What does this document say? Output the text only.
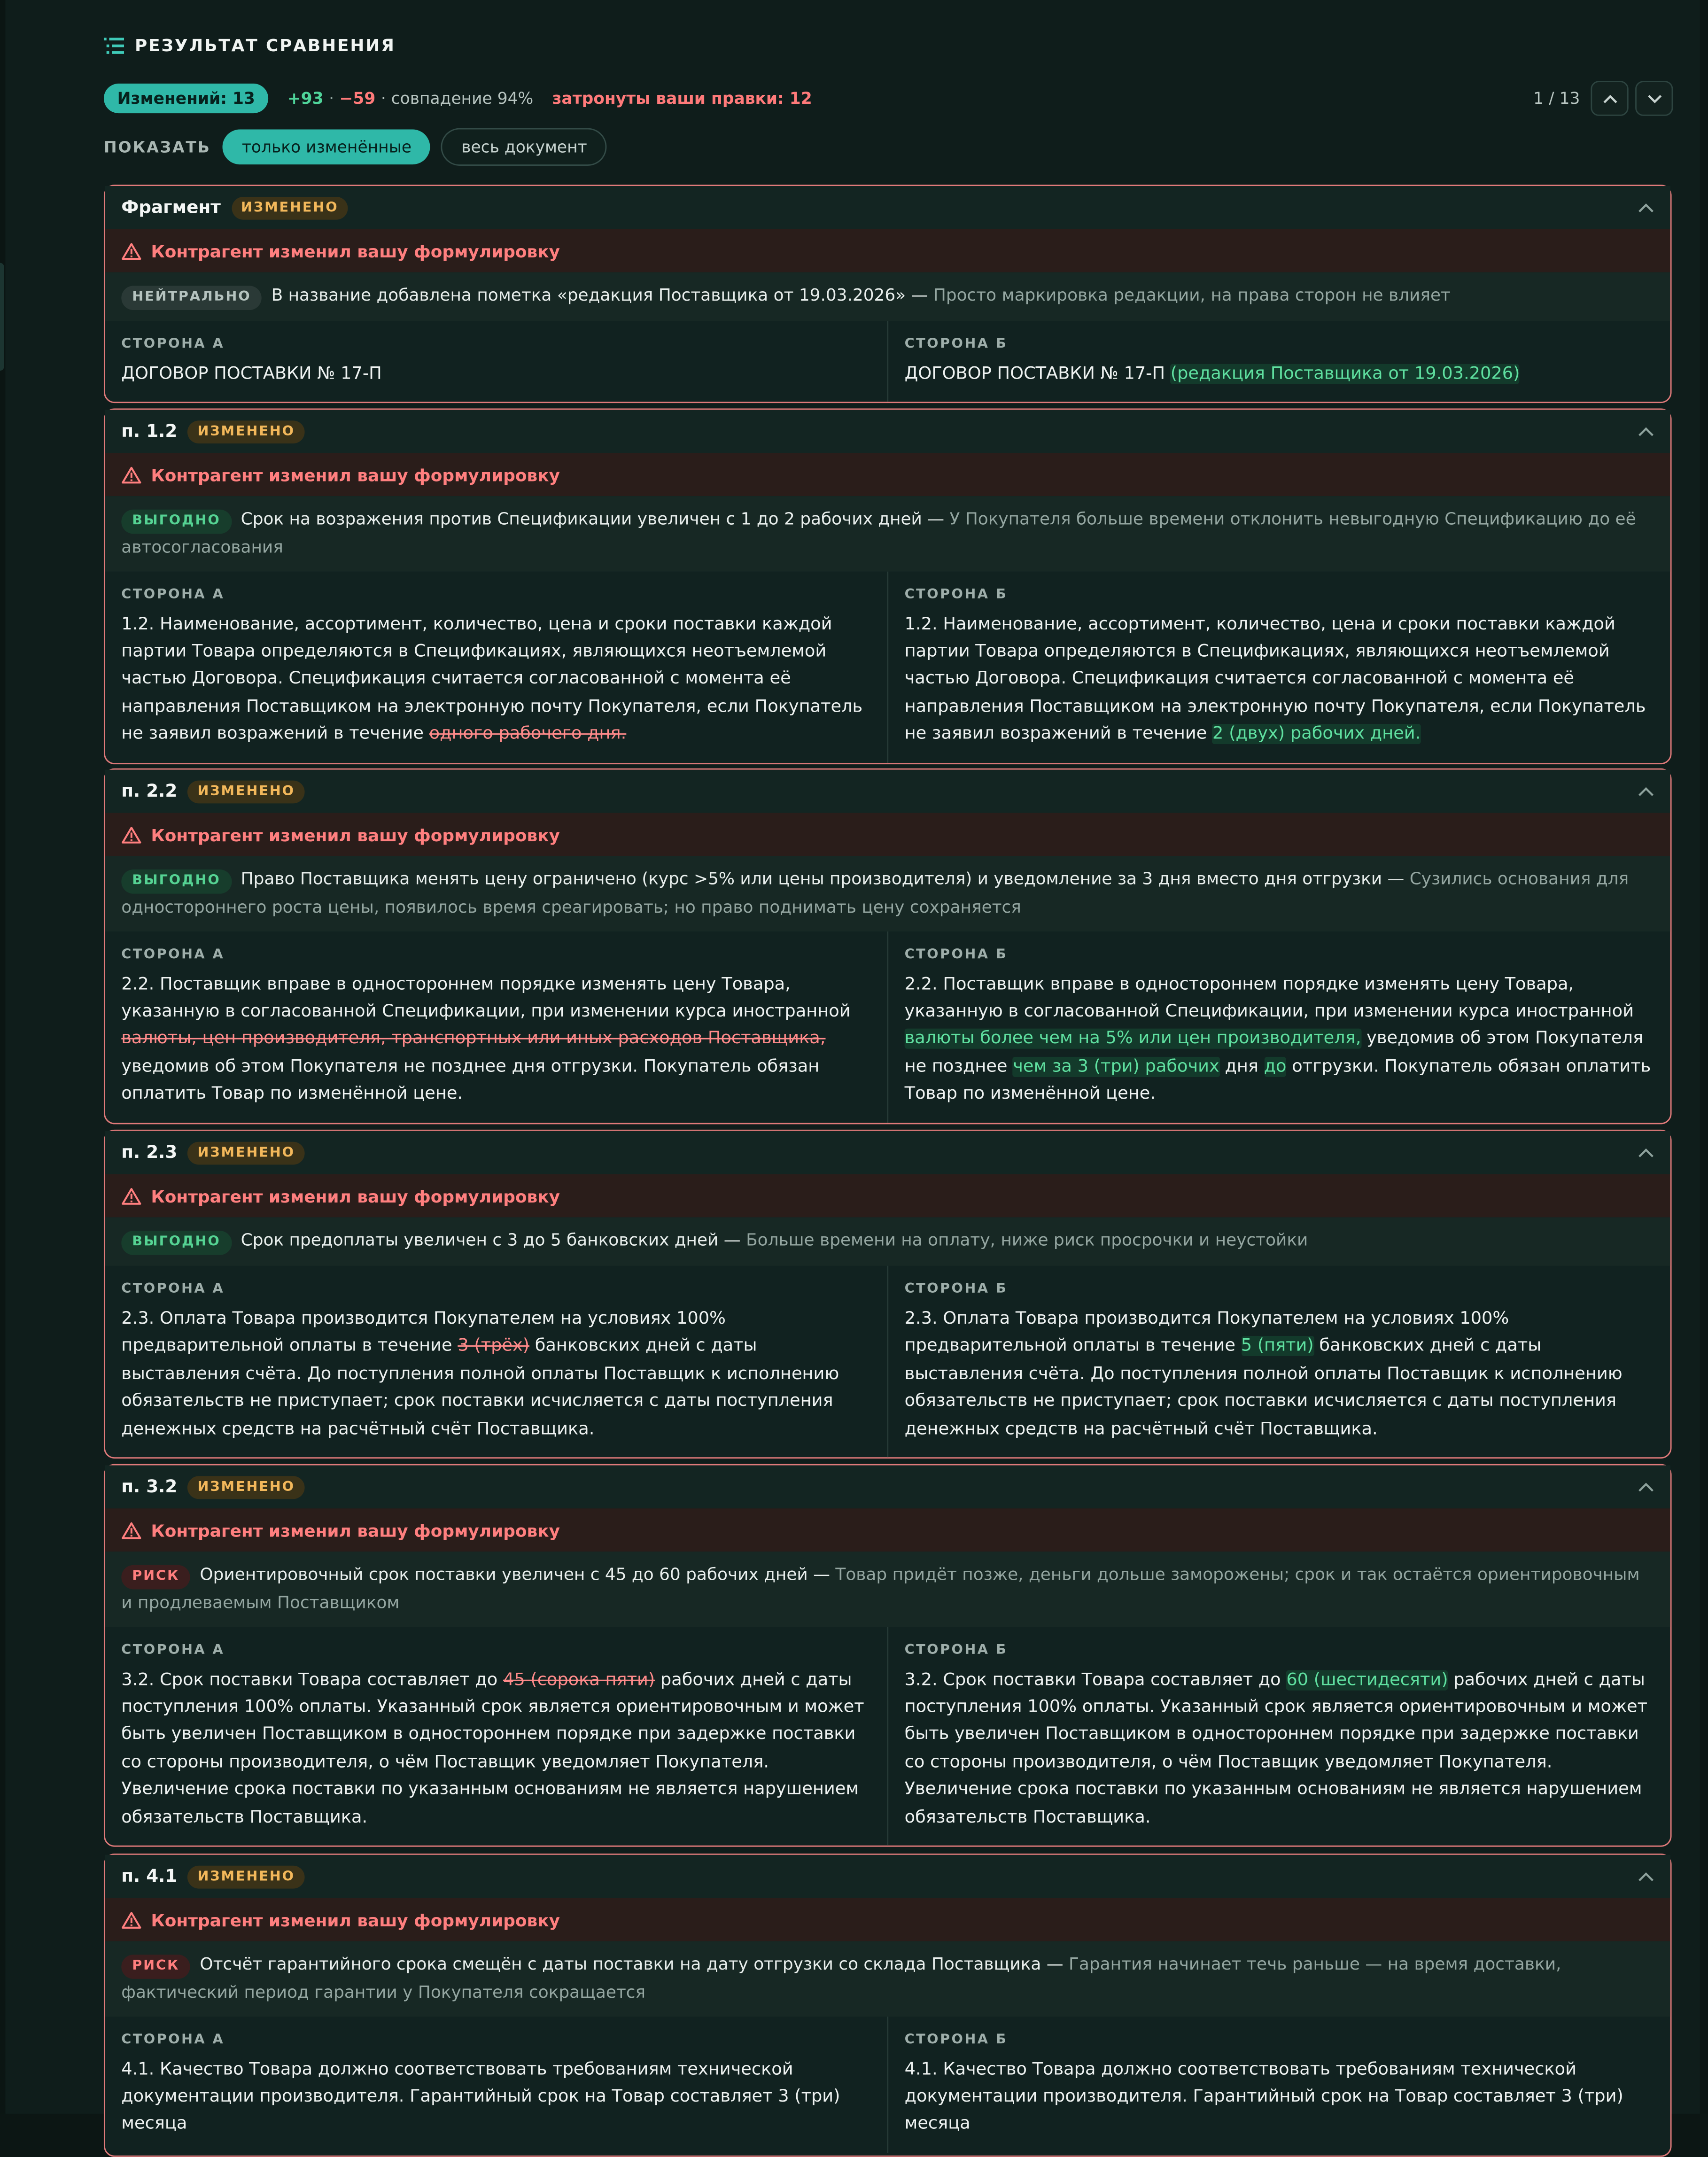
РЕЗУЛЬТАТ СРАВНЕНИЯ
Изменений: 13	+93 · −59 · совпадение 94%	затронуты ваши правки: 12	1 / 13
ПОКАЗАТЬ	только изменённые	весь документ
Фрагмент	ИЗМЕНЕНО
Контрагент изменил вашу формулировку
НЕЙТРАЛЬНО	В название добавлена пометка «редакция Поставщика от 19.03.2026» — Просто маркировка редакции, на права сторон не влияет
СТОРОНА А
ДОГОВОР ПОСТАВКИ № 17-П
СТОРОНА Б
ДОГОВОР ПОСТАВКИ № 17-П (редакция Поставщика от 19.03.2026)
п. 1.2	ИЗМЕНЕНО
Контрагент изменил вашу формулировку
ВЫГОДНО	Срок на возражения против Спецификации увеличен с 1 до 2 рабочих дней — У Покупателя больше времени отклонить невыгодную Спецификацию до её автосогласования
СТОРОНА А
1.2. Наименование, ассортимент, количество, цена и сроки поставки каждой партии Товара определяются в Спецификациях, являющихся неотъемлемой частью Договора. Спецификация считается согласованной с момента её направления Поставщиком на электронную почту Покупателя, если Покупатель не заявил возражений в течение одного рабочего дня.
СТОРОНА Б
1.2. Наименование, ассортимент, количество, цена и сроки поставки каждой партии Товара определяются в Спецификациях, являющихся неотъемлемой частью Договора. Спецификация считается согласованной с момента её направления Поставщиком на электронную почту Покупателя, если Покупатель не заявил возражений в течение 2 (двух) рабочих дней.
п. 2.2	ИЗМЕНЕНО
Контрагент изменил вашу формулировку
ВЫГОДНО	Право Поставщика менять цену ограничено (курс >5% или цены производителя) и уведомление за 3 дня вместо дня отгрузки — Сузились основания для одностороннего роста цены, появилось время среагировать; но право поднимать цену сохраняется
СТОРОНА А
2.2. Поставщик вправе в одностороннем порядке изменять цену Товара, указанную в согласованной Спецификации, при изменении курса иностранной валюты, цен производителя, транспортных или иных расходов Поставщика, уведомив об этом Покупателя не позднее дня отгрузки. Покупатель обязан оплатить Товар по изменённой цене.
СТОРОНА Б
2.2. Поставщик вправе в одностороннем порядке изменять цену Товара, указанную в согласованной Спецификации, при изменении курса иностранной валюты более чем на 5% или цен производителя, уведомив об этом Покупателя не позднее чем за 3 (три) рабочих дня до отгрузки. Покупатель обязан оплатить Товар по изменённой цене.
п. 2.3	ИЗМЕНЕНО
Контрагент изменил вашу формулировку
ВЫГОДНО	Срок предоплаты увеличен с 3 до 5 банковских дней — Больше времени на оплату, ниже риск просрочки и неустойки
СТОРОНА А
2.3. Оплата Товара производится Покупателем на условиях 100% предварительной оплаты в течение 3 (трёх) банковских дней с даты выставления счёта. До поступления полной оплаты Поставщик к исполнению обязательств не приступает; срок поставки исчисляется с даты поступления денежных средств на расчётный счёт Поставщика.
СТОРОНА Б
2.3. Оплата Товара производится Покупателем на условиях 100% предварительной оплаты в течение 5 (пяти) банковских дней с даты выставления счёта. До поступления полной оплаты Поставщик к исполнению обязательств не приступает; срок поставки исчисляется с даты поступления денежных средств на расчётный счёт Поставщика.
п. 3.2	ИЗМЕНЕНО
Контрагент изменил вашу формулировку
РИСК	Ориентировочный срок поставки увеличен с 45 до 60 рабочих дней — Товар придёт позже, деньги дольше заморожены; срок и так остаётся ориентировочным и продлеваемым Поставщиком
СТОРОНА А
3.2. Срок поставки Товара составляет до 45 (сорока пяти) рабочих дней с даты поступления 100% оплаты. Указанный срок является ориентировочным и может быть увеличен Поставщиком в одностороннем порядке при задержке поставки со стороны производителя, о чём Поставщик уведомляет Покупателя. Увеличение срока поставки по указанным основаниям не является нарушением обязательств Поставщика.
СТОРОНА Б
3.2. Срок поставки Товара составляет до 60 (шестидесяти) рабочих дней с даты поступления 100% оплаты. Указанный срок является ориентировочным и может быть увеличен Поставщиком в одностороннем порядке при задержке поставки со стороны производителя, о чём Поставщик уведомляет Покупателя. Увеличение срока поставки по указанным основаниям не является нарушением обязательств Поставщика.
п. 4.1	ИЗМЕНЕНО
Контрагент изменил вашу формулировку
РИСК	Отсчёт гарантийного срока смещён с даты поставки на дату отгрузки со склада Поставщика — Гарантия начинает течь раньше — на время доставки, фактический период гарантии у Покупателя сокращается
СТОРОНА А
4.1. Качество Товара должно соответствовать требованиям технической документации производителя. Гарантийный срок на Товар составляет 3 (три) месяца
СТОРОНА Б
4.1. Качество Товара должно соответствовать требованиям технической документации производителя. Гарантийный срок на Товар составляет 3 (три) месяца
